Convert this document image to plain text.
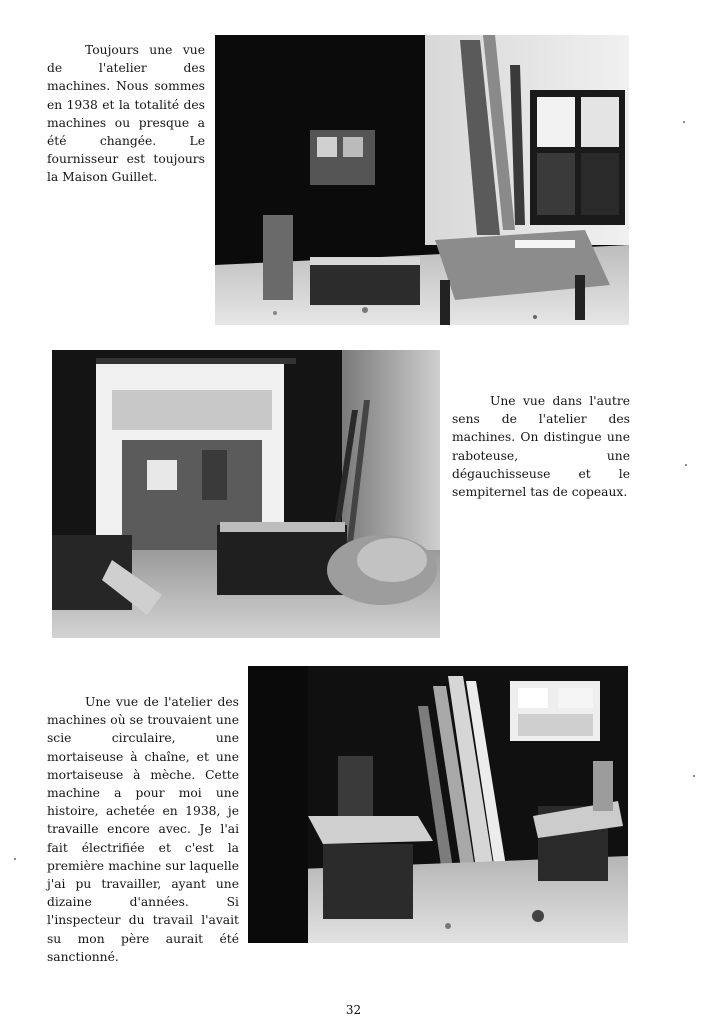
Toujours une vue de l'atelier des machines. Nous sommes en 1938 et la totalité des machines ou presque a été changée. Le fournisseur est toujours la Maison Guillet.

Une vue dans l'autre sens de l'atelier des machines. On distingue une raboteuse, une dégauchisseuse et le sempiternel tas de copeaux.

Une vue de l'atelier des machines où se trouvaient une scie circulaire, une mortaiseuse à chaîne, et une mortaiseuse à mèche. Cette machine a pour moi une histoire, achetée en 1938, je travaille encore avec. Je l'ai fait électrifiée et c'est la première machine sur laquelle j'ai pu travailler, ayant une dizaine d'années. Si l'inspecteur du travail l'avait su mon père aurait été sanctionné.

32
